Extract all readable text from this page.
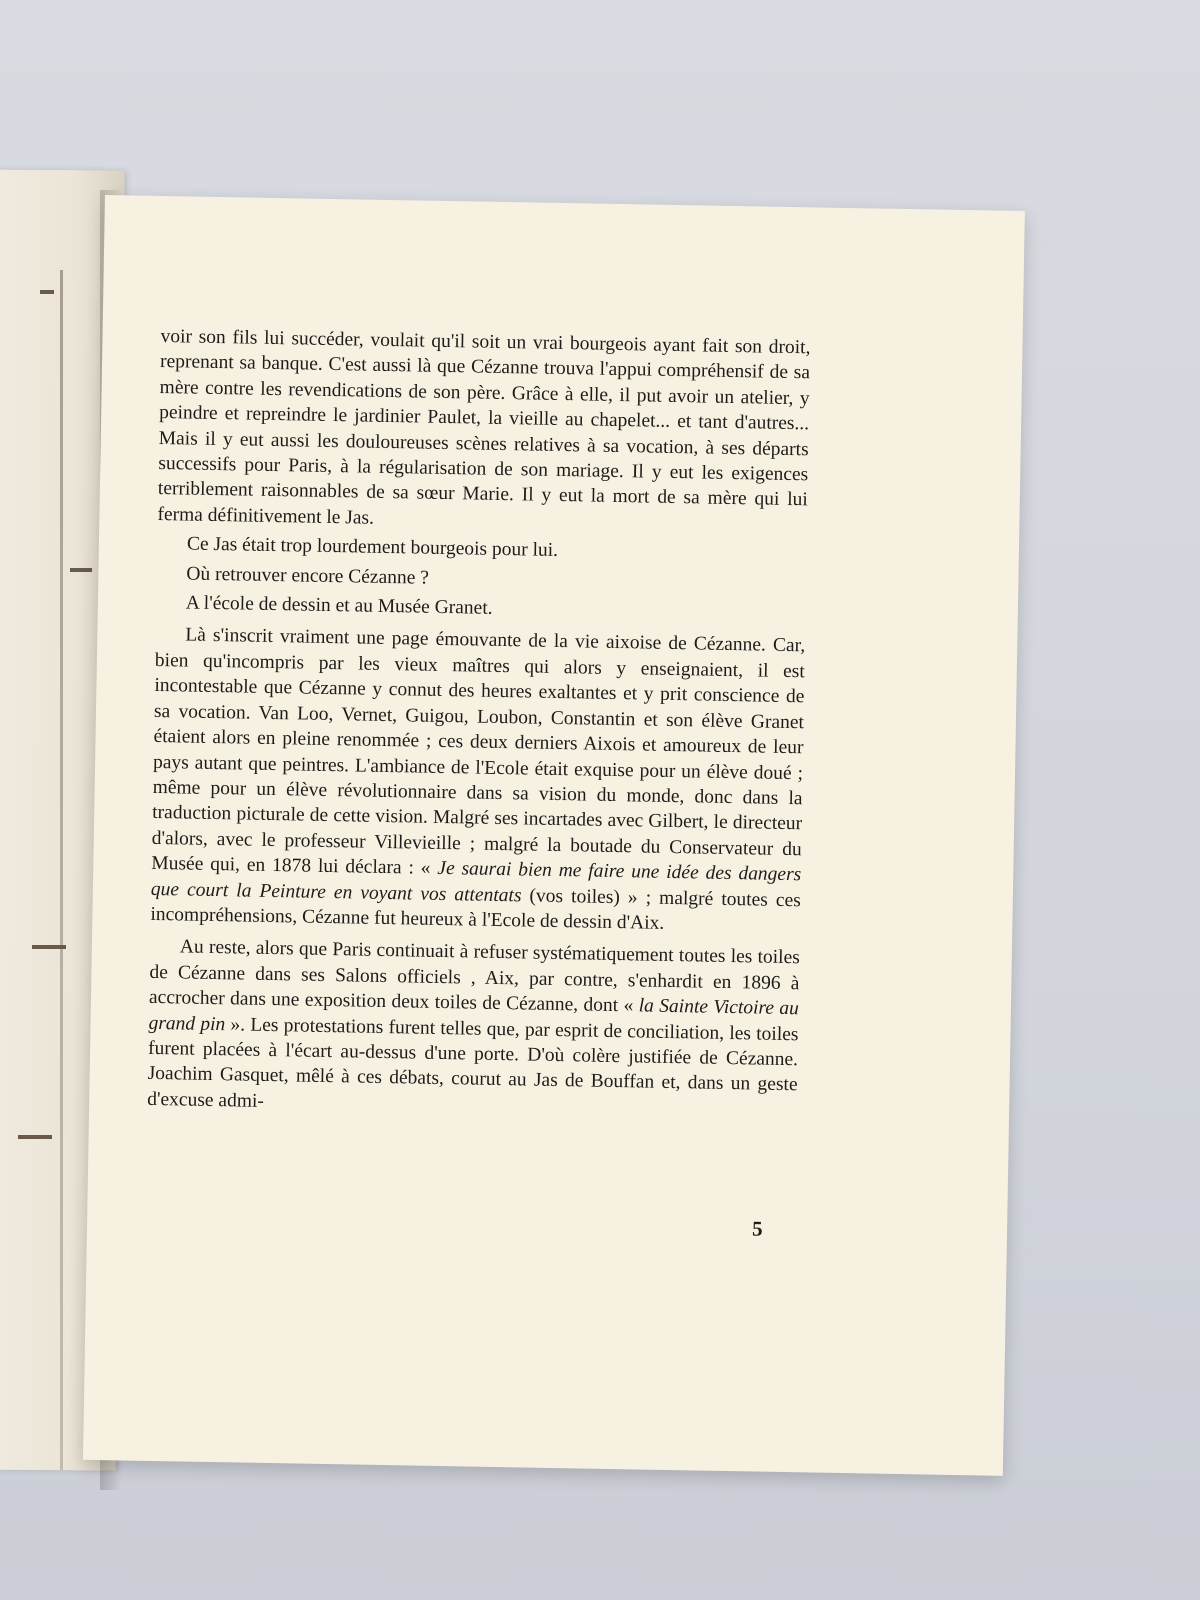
voir son fils lui succéder, voulait qu'il soit un vrai bourgeois ayant fait son droit, reprenant sa banque. C'est aussi là que Cézanne trouva l'appui compréhensif de sa mère contre les revendications de son père. Grâce à elle, il put avoir un atelier, y peindre et repreindre le jardinier Paulet, la vieille au chapelet... et tant d'autres... Mais il y eut aussi les douloureuses scènes relatives à sa vocation, à ses départs successifs pour Paris, à la régularisation de son mariage. Il y eut les exigences terriblement raisonnables de sa sœur Marie. Il y eut la mort de sa mère qui lui ferma définitivement le Jas.

Ce Jas était trop lourdement bourgeois pour lui.

Où retrouver encore Cézanne ?

A l'école de dessin et au Musée Granet.

Là s'inscrit vraiment une page émouvante de la vie aixoise de Cézanne. Car, bien qu'incompris par les vieux maîtres qui alors y enseignaient, il est incontestable que Cézanne y connut des heures exaltantes et y prit conscience de sa vocation. Van Loo, Vernet, Guigou, Loubon, Constantin et son élève Granet étaient alors en pleine renommée ; ces deux derniers Aixois et amoureux de leur pays autant que peintres. L'ambiance de l'Ecole était exquise pour un élève doué ; même pour un élève révolutionnaire dans sa vision du monde, donc dans la traduction picturale de cette vision. Malgré ses incartades avec Gilbert, le directeur d'alors, avec le professeur Villevieille ; malgré la boutade du Conservateur du Musée qui, en 1878 lui déclara : « Je saurai bien me faire une idée des dangers que court la Peinture en voyant vos attentats (vos toiles) » ; malgré toutes ces incompréhensions, Cézanne fut heureux à l'Ecole de dessin d'Aix.

Au reste, alors que Paris continuait à refuser systématiquement toutes les toiles de Cézanne dans ses Salons officiels , Aix, par contre, s'enhardit en 1896 à accrocher dans une exposition deux toiles de Cézanne, dont « la Sainte Victoire au grand pin ». Les protestations furent telles que, par esprit de conciliation, les toiles furent placées à l'écart au-dessus d'une porte. D'où colère justifiée de Cézanne. Joachim Gasquet, mêlé à ces débats, courut au Jas de Bouffan et, dans un geste d'excuse admi-

5
